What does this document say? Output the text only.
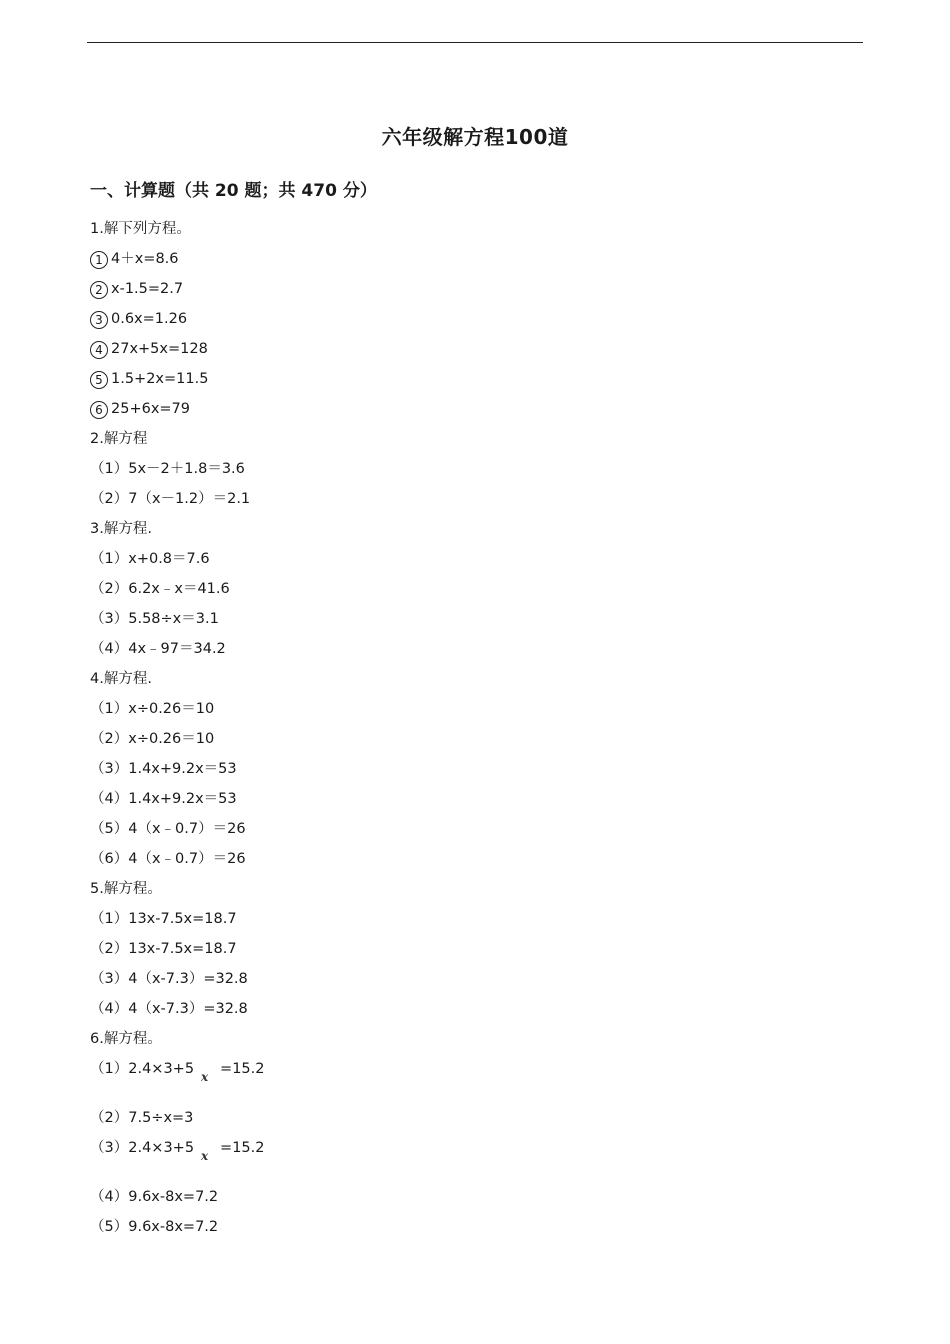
六年级解方程100道
一、计算题（共 20 题；共 470 分）
1.解下列方程。
1 4＋x=8.6
2 x-1.5=2.7
3 0.6x=1.26
4 27x+5x=128
5 1.5+2x=11.5
6 25+6x=79
2.解方程
（1）5x－2＋1.8＝3.6
（2）7（x－1.2）＝2.1
3.解方程.
（1）x+0.8＝7.6
（2）6.2x﹣x＝41.6
（3）5.58÷x＝3.1
（4）4x﹣97＝34.2
4.解方程.
（1）x÷0.26＝10
（2）x÷0.26＝10
（3）1.4x+9.2x＝53
（4）1.4x+9.2x＝53
（5）4（x﹣0.7）＝26
（6）4（x﹣0.7）＝26
5.解方程。
（1）13x-7.5x=18.7
（2）13x-7.5x=18.7
（3）4（x-7.3）=32.8
（4）4（x-7.3）=32.8
6.解方程。
（1）2.4×3+5 x =15.2
（2）7.5÷x=3
（3）2.4×3+5 x =15.2
（4）9.6x-8x=7.2
（5）9.6x-8x=7.2
